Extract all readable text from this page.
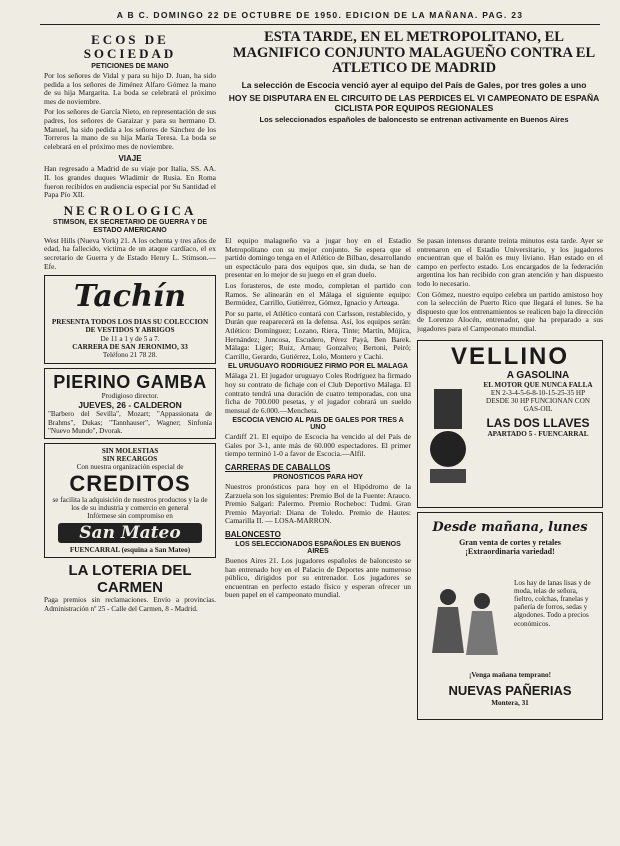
A B C. DOMINGO 22 DE OCTUBRE DE 1950. EDICION DE LA MAÑANA. PAG. 23
ECOS DE SOCIEDAD
PETICIONES DE MANO
Por los señores de Vidal y para su hijo D. Juan, ha sido pedida a los señores de Jiménez Alfaro Gómez la mano de su hija Margarita. La boda se celebrará el próximo mes de noviembre.
Por los señores de García Nieto, en representación de sus padres, los señores de Garaizar y para su hermano D. Manuel, ha sido pedida a los señores de Sánchez de los Torreros la mano de su hija María Teresa. La boda se celebrará en el próximo mes de noviembre.
VIAJE
Han regresado a Madrid de su viaje por Italia, SS. AA. II. los grandes duques Wladimir de Rusia. En Roma fueron recibidos en audiencia especial por Su Santidad el Papa Pío XII.
NECROLOGICA
STIMSON, EX SECRETARIO DE GUERRA Y DE ESTADO AMERICANO
West Hills (Nueva York) 21. A los ochenta y tres años de edad, ha fallecido, víctima de un ataque cardíaco, el ex secretario de Guerra y de Estado Henry L. Stimson.—Efe.
Tachín
PRESENTA TODOS LOS DIAS SU COLECCION DE VESTIDOS Y ABRIGOS
De 11 a 1 y de 5 a 7.
CARRERA DE SAN JERONIMO, 33
Teléfono 21 78 28.
PIERINO GAMBA
Prodigioso director.
JUEVES, 26 - CALDERON
"Barbero del Sevilla", Mozart; "Appassionata de Brahms", Dukas; "Tannhauser", Wagner; Sinfonía "Nuevo Mundo", Dvorak.
SIN MOLESTIAS
SIN RECARGOS
Con nuestra organización especial de
CREDITOS
se facilita la adquisición de nuestros productos y la de los de su industria y comercio en general
Infórmese sin compromiso en
San Mateo
FUENCARRAL (esquina a San Mateo)
LA LOTERIA DEL CARMEN
Paga premios sin reclamaciones. Envío a provincias. Administración nº 25 - Calle del Carmen, 8 - Madrid.
ESTA TARDE, EN EL METROPOLITANO, EL MAGNIFICO CONJUNTO MALAGUEÑO CONTRA EL ATLETICO DE MADRID
La selección de Escocia venció ayer al equipo del País de Gales, por tres goles a uno
HOY SE DISPUTARA EN EL CIRCUITO DE LAS PERDICES EL VI CAMPEONATO DE ESPAÑA CICLISTA POR EQUIPOS REGIONALES
Los seleccionados españoles de baloncesto se entrenan activamente en Buenos Aires
El equipo malagueño va a jugar hoy en el Estadio Metropolitano con su mejor conjunto. Se espera que el partido domingo tenga en el Atlético de Bilbao, desarrollando un espectáculo para dos equipos que, sin duda, se han de presentar en lo mejor de su juego en el gran duelo.
Los forasteros, de este modo, completan el partido con Ramos. Se alinearán en el Málaga el siguiente equipo: Bermúdez, Carrillo, Gutiérrez, Gómez, Ignacio y Arteaga.
Por su parte, el Atlético contará con Carlsson, restablecido, y Durán que reaparecerá en la defensa. Así, los equipos serán: Atlético: Domínguez; Lozano, Riera, Tinte; Martín, Mújica, Hernández; Juncosa, Escudero, Pérez Payá, Ben Barek. Málaga: Liger; Ruiz, Arnau; Gonzalvo; Bertoni, Peiró; Carrillo, Gerardo, Gutiérrez, Lolo, Montero y Cachi.
EL URUGUAYO RODRIGUEZ FIRMO POR EL MALAGA
Málaga 21. El jugador uruguayo Coles Rodríguez ha firmado hoy su contrato de fichaje con el Club Deportivo Málaga. El contrato tendrá una duración de cuatro temporadas, con una ficha de 700.000 pesetas, y el jugador cobrará un sueldo mensual de 6.000.—Mencheta.
ESCOCIA VENCIO AL PAIS DE GALES POR TRES A UNO
Cardiff 21. El equipo de Escocia ha vencido al del País de Gales por 3-1, ante más de 60.000 espectadores. El primer tiempo terminó 1-0 a favor de Escocia.—Alfil.
CARRERAS DE CABALLOS
PRONOSTICOS PARA HOY
Nuestros pronósticos para hoy en el Hipódromo de la Zarzuela son los siguientes: Premio Bol de la Fuente: Arauco. Premio Salgari: Palermo. Premio Rocheboc: Tudmi. Gran Premio Mayorial: Diana de Toledo. Premio de Hautes: Camarilla II. — LOSA-MARRON.
BALONCESTO
LOS SELECCIONADOS ESPAÑOLES EN BUENOS AIRES
Buenos Aires 21. Los jugadores españoles de baloncesto se han entrenado hoy en el Palacio de Deportes ante numeroso público, dirigidos por su entrenador. Los jugadores se encuentran en perfecto estado físico y esperan ofrecer un buen papel en el campeonato mundial.
Se pasan intensos durante treinta minutos esta tarde. Ayer se entrenaron en el Estadio Universitario, y los jugadores encuentran que el balón es muy liviano. Han estado en el campo en perfecto estado. Los encargados de la federación argentina los han recibido con gran atención y han dispuesto todo lo necesario.
Con Gómez, nuestro equipo celebra un partido amistoso hoy con la selección de Puerto Rico que llegará el lunes. Se ha dispuesto que los entrenamientos se realicen bajo la dirección de Lorenzo Alocén, entrenador, que ha preparado a sus jugadores para el Campeonato mundial.
VELLINO
A GASOLINA
EL MOTOR QUE NUNCA FALLA
EN 2-3-4-5-6-8-10-15-25-35 HP
DESDE 30 HP FUNCIONAN CON GAS-OIL
LAS DOS LLAVES
APARTADO 5 - FUENCARRAL
Desde mañana, lunes
Gran venta de cortes y retales
¡Extraordinaria variedad!
Los hay de lanas lisas y de moda, telas de señora, fieltro, colchas, franelas y pañería de forros, sedas y algodones. Todo a precios económicos.
¡Venga mañana temprano!
NUEVAS PAÑERIAS
Montera, 31
